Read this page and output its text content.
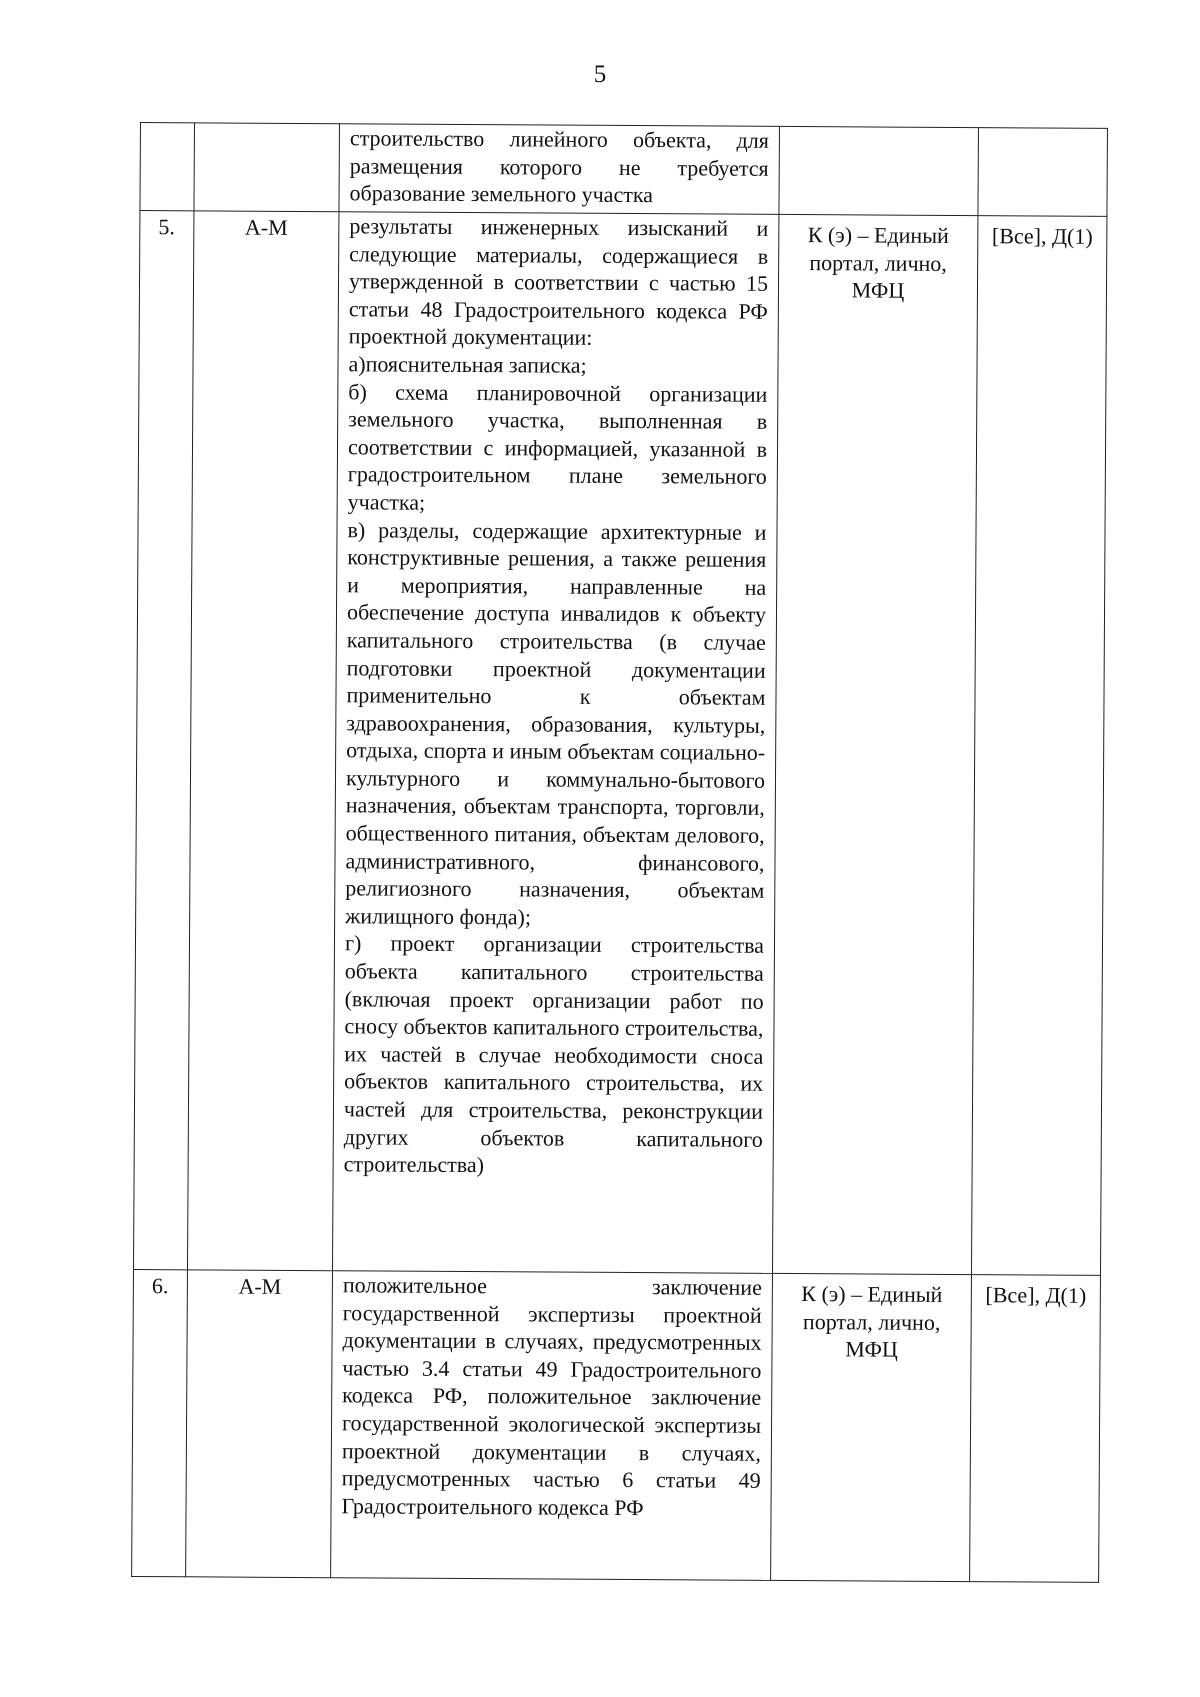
5
		строительство линейного объекта, для размещения которого не требуется образование земельного участка		
5.	А-М	результаты инженерных изысканий и следующие материалы, содержащиеся в утвержденной в соответствии с частью 15 статьи 48 Градостроительного кодекса РФ проектной документации:
а)пояснительная записка;
б) схема планировочной организации земельного участка, выполненная в соответствии с информацией, указанной в градостроительном плане земельного участка;
в) разделы, содержащие архитектурные и конструктивные решения, а также решения и мероприятия, направленные на обеспечение доступа инвалидов к объекту капитального строительства (в случае подготовки проектной документации применительно к объектам здравоохранения, образования, культуры, отдыха, спорта и иным объектам социально-культурного и коммунально-бытового назначения, объектам транспорта, торговли, общественного питания, объектам делового, административного, финансового, религиозного назначения, объектам жилищного фонда);
г) проект организации строительства объекта капитального строительства (включая проект организации работ по сносу объектов капитального строительства, их частей в случае необходимости сноса объектов капитального строительства, их частей для строительства, реконструкции других объектов капитального строительства)	К (э) – Единый портал, лично, МФЦ	[Все], Д(1)
6.	А-М	положительное заключение государственной экспертизы проектной документации в случаях, предусмотренных частью 3.4 статьи 49 Градостроительного кодекса РФ, положительное заключение государственной экологической экспертизы проектной документации в случаях, предусмотренных частью 6 статьи 49 Градостроительного кодекса РФ	К (э) – Единый портал, лично, МФЦ	[Все], Д(1)
